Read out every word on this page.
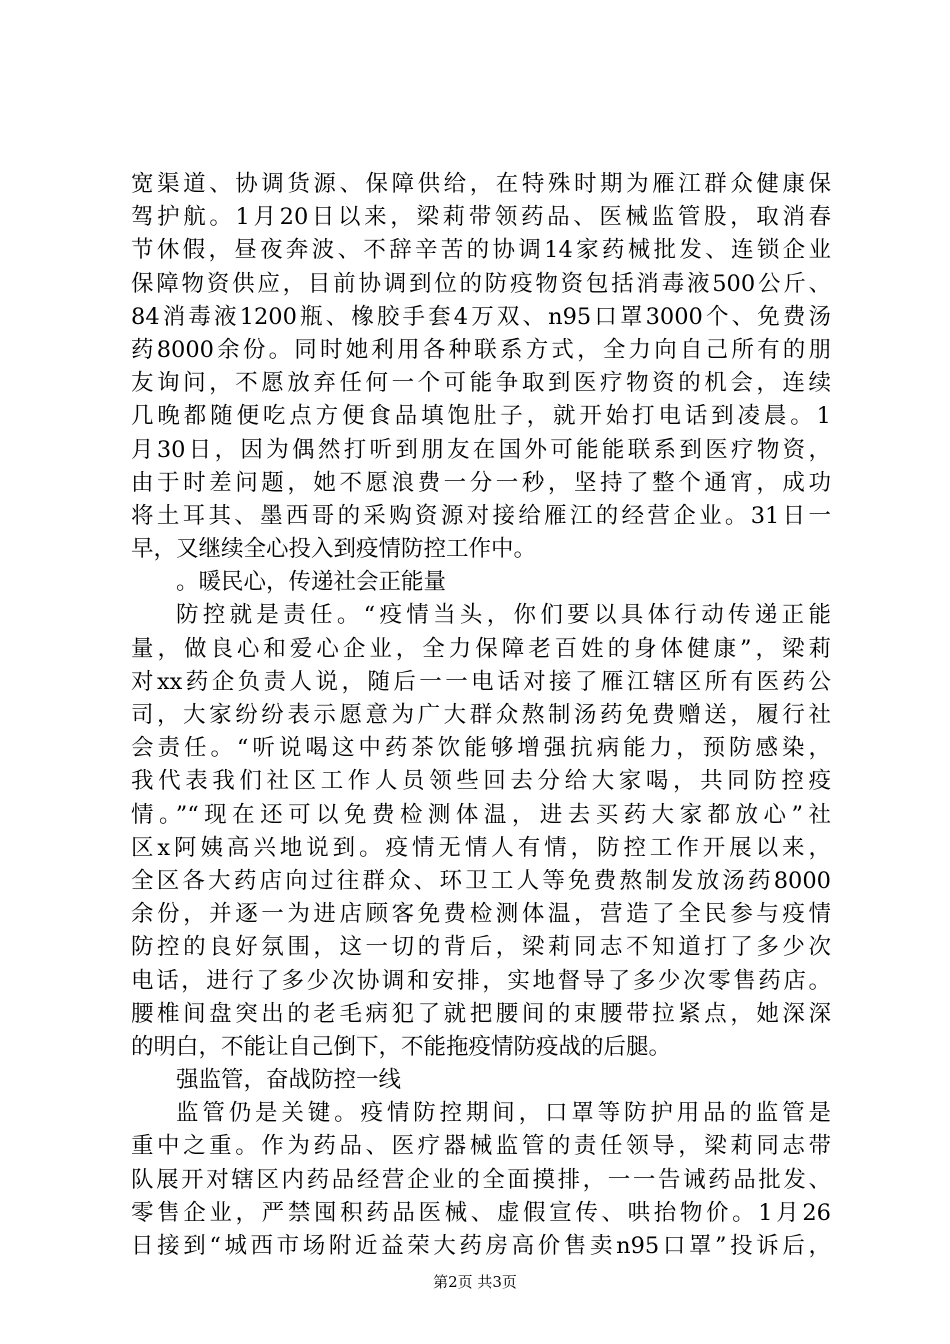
宽渠道、协调货源、保障供给，在特殊时期为雁江群众健康保
驾护航。1月20日以来，梁莉带领药品、医械监管股，取消春
节休假，昼夜奔波、不辞辛苦的协调14家药械批发、连锁企业
保障物资供应，目前协调到位的防疫物资包括消毒液500公斤、
84消毒液1200瓶、橡胶手套4万双、n95口罩3000个、免费汤
药8000余份。同时她利用各种联系方式，全力向自己所有的朋
友询问，不愿放弃任何一个可能争取到医疗物资的机会，连续
几晚都随便吃点方便食品填饱肚子，就开始打电话到凌晨。1
月30日，因为偶然打听到朋友在国外可能能联系到医疗物资，
由于时差问题，她不愿浪费一分一秒，坚持了整个通宵，成功
将土耳其、墨西哥的采购资源对接给雁江的经营企业。31日一
早，又继续全心投入到疫情防控工作中。
。暖民心，传递社会正能量
防控就是责任。“疫情当头，你们要以具体行动传递正能
量，做良心和爱心企业，全力保障老百姓的身体健康”，梁莉
对xx药企负责人说，随后一一电话对接了雁江辖区所有医药公
司，大家纷纷表示愿意为广大群众熬制汤药免费赠送，履行社
会责任。“听说喝这中药茶饮能够增强抗病能力，预防感染，
我代表我们社区工作人员领些回去分给大家喝，共同防控疫
情。”“现在还可以免费检测体温，进去买药大家都放心”社
区x阿姨高兴地说到。疫情无情人有情，防控工作开展以来，
全区各大药店向过往群众、环卫工人等免费熬制发放汤药8000
余份，并逐一为进店顾客免费检测体温，营造了全民参与疫情
防控的良好氛围，这一切的背后，梁莉同志不知道打了多少次
电话，进行了多少次协调和安排，实地督导了多少次零售药店。
腰椎间盘突出的老毛病犯了就把腰间的束腰带拉紧点，她深深
的明白，不能让自己倒下，不能拖疫情防疫战的后腿。
强监管，奋战防控一线
监管仍是关键。疫情防控期间，口罩等防护用品的监管是
重中之重。作为药品、医疗器械监管的责任领导，梁莉同志带
队展开对辖区内药品经营企业的全面摸排，一一告诫药品批发、
零售企业，严禁囤积药品医械、虚假宣传、哄抬物价。1月26
日接到“城西市场附近益荣大药房高价售卖n95口罩”投诉后，
第2页 共3页
